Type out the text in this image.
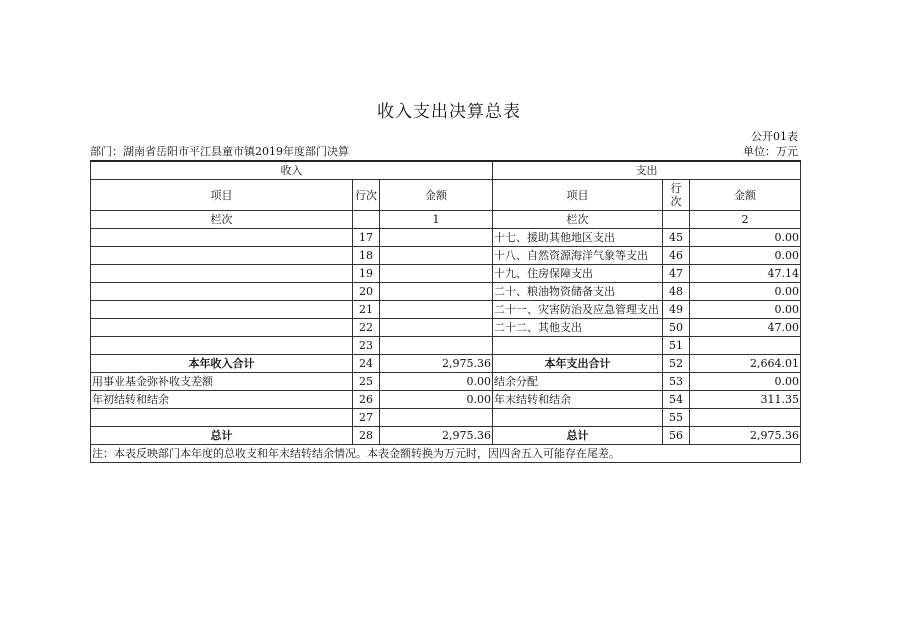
收入支出决算总表
公开01表
部门：湖南省岳阳市平江县童市镇2019年度部门决算	单位：万元
收入			支出		
项目	行次	金额	项目	行
次	金额
栏次		1	栏次		2
	17		十七、援助其他地区支出	45	0.00
	18		十八、自然资源海洋气象等支出	46	0.00
	19		十九、住房保障支出	47	47.14
	20		二十、粮油物资储备支出	48	0.00
	21		二十一、灾害防治及应急管理支出	49	0.00
	22		二十二、其他支出	50	47.00
	23			51	
本年收入合计	24	2,975.36	本年支出合计	52	2,664.01
用事业基金弥补收支差额	25	0.00	结余分配	53	0.00
年初结转和结余	26	0.00	年末结转和结余	54	311.35
	27			55	
总计	28	2,975.36	总计	56	2,975.36
注：本表反映部门本年度的总收支和年末结转结余情况。本表金额转换为万元时，因四舍五入可能存在尾差。					
